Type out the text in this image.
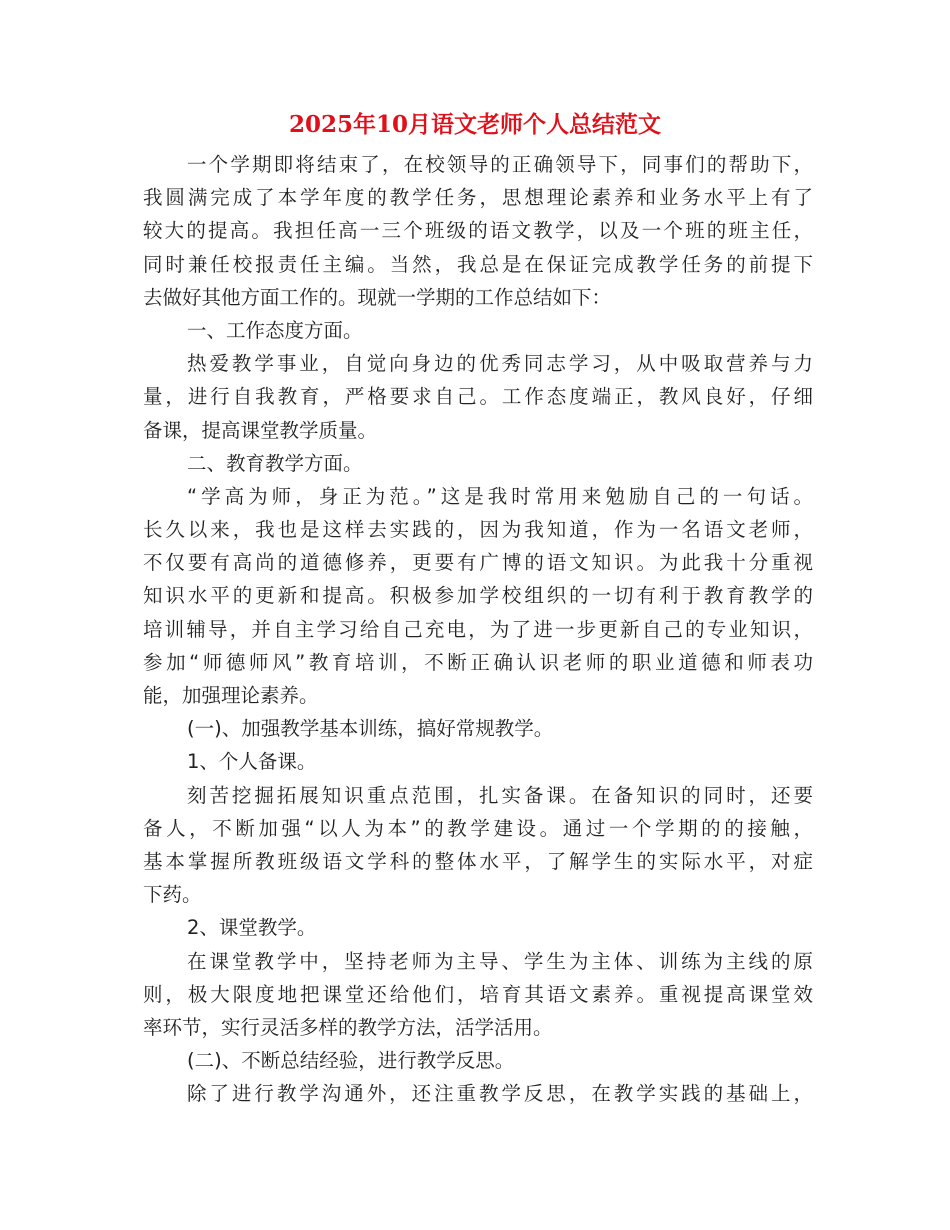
2025年10月语文老师个人总结范文
一个学期即将结束了，在校领导的正确领导下，同事们的帮助下，
我圆满完成了本学年度的教学任务，思想理论素养和业务水平上有了
较大的提高。我担任高一三个班级的语文教学，以及一个班的班主任，
同时兼任校报责任主编。当然，我总是在保证完成教学任务的前提下
去做好其他方面工作的。现就一学期的工作总结如下：
一、工作态度方面。
热爱教学事业，自觉向身边的优秀同志学习，从中吸取营养与力
量，进行自我教育，严格要求自己。工作态度端正，教风良好，仔细
备课，提高课堂教学质量。
二、教育教学方面。
“学高为师，身正为范。”这是我时常用来勉励自己的一句话。
长久以来，我也是这样去实践的，因为我知道，作为一名语文老师，
不仅要有高尚的道德修养，更要有广博的语文知识。为此我十分重视
知识水平的更新和提高。积极参加学校组织的一切有利于教育教学的
培训辅导，并自主学习给自己充电，为了进一步更新自己的专业知识，
参加“师德师风”教育培训，不断正确认识老师的职业道德和师表功
能，加强理论素养。
(一)、加强教学基本训练，搞好常规教学。
1、个人备课。
刻苦挖掘拓展知识重点范围，扎实备课。在备知识的同时，还要
备人，不断加强“以人为本”的教学建设。通过一个学期的的接触，
基本掌握所教班级语文学科的整体水平，了解学生的实际水平，对症
下药。
2、课堂教学。
在课堂教学中，坚持老师为主导、学生为主体、训练为主线的原
则，极大限度地把课堂还给他们，培育其语文素养。重视提高课堂效
率环节，实行灵活多样的教学方法，活学活用。
(二)、不断总结经验，进行教学反思。
除了进行教学沟通外，还注重教学反思，在教学实践的基础上，
